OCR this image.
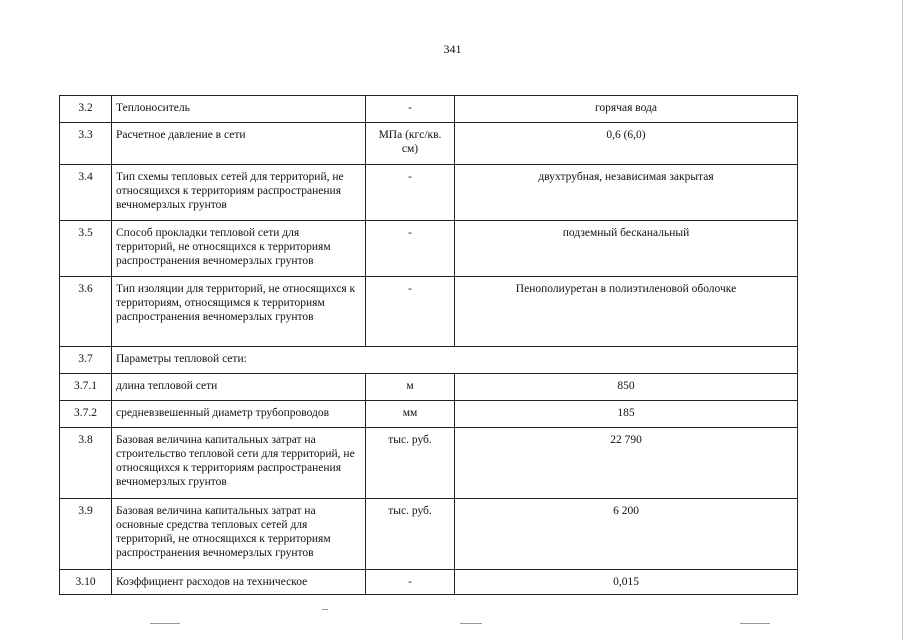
341
3.2	Теплоноситель	-	горячая вода
3.3	Расчетное давление в сети	МПа (кгс/кв. см)	0,6 (6,0)
3.4	Тип схемы тепловых сетей для территорий, не относящихся к территориям распространения вечномерзлых грунтов	-	двухтрубная, независимая закрытая
3.5	Способ прокладки тепловой сети для территорий, не относящихся к территориям распространения вечномерзлых грунтов	-	подземный бесканальный
3.6	Тип изоляции для территорий, не относящихся к территориям, относящимся к территориям распространения вечномерзлых грунтов	-	Пенополиуретан в полиэтиленовой оболочке
3.7	Параметры тепловой сети:		
3.7.1	длина тепловой сети	м	850
3.7.2	средневзвешенный диаметр трубопроводов	мм	185
3.8	Базовая величина капитальных затрат на строительство тепловой сети для территорий, не относящихся к территориям распространения вечномерзлых грунтов	тыс. руб.	22 790
3.9	Базовая величина капитальных затрат на основные средства тепловых сетей для территорий, не относящихся к территориям распространения вечномерзлых грунтов	тыс. руб.	6 200
3.10	Коэффициент расходов на техническое	-	0,015
